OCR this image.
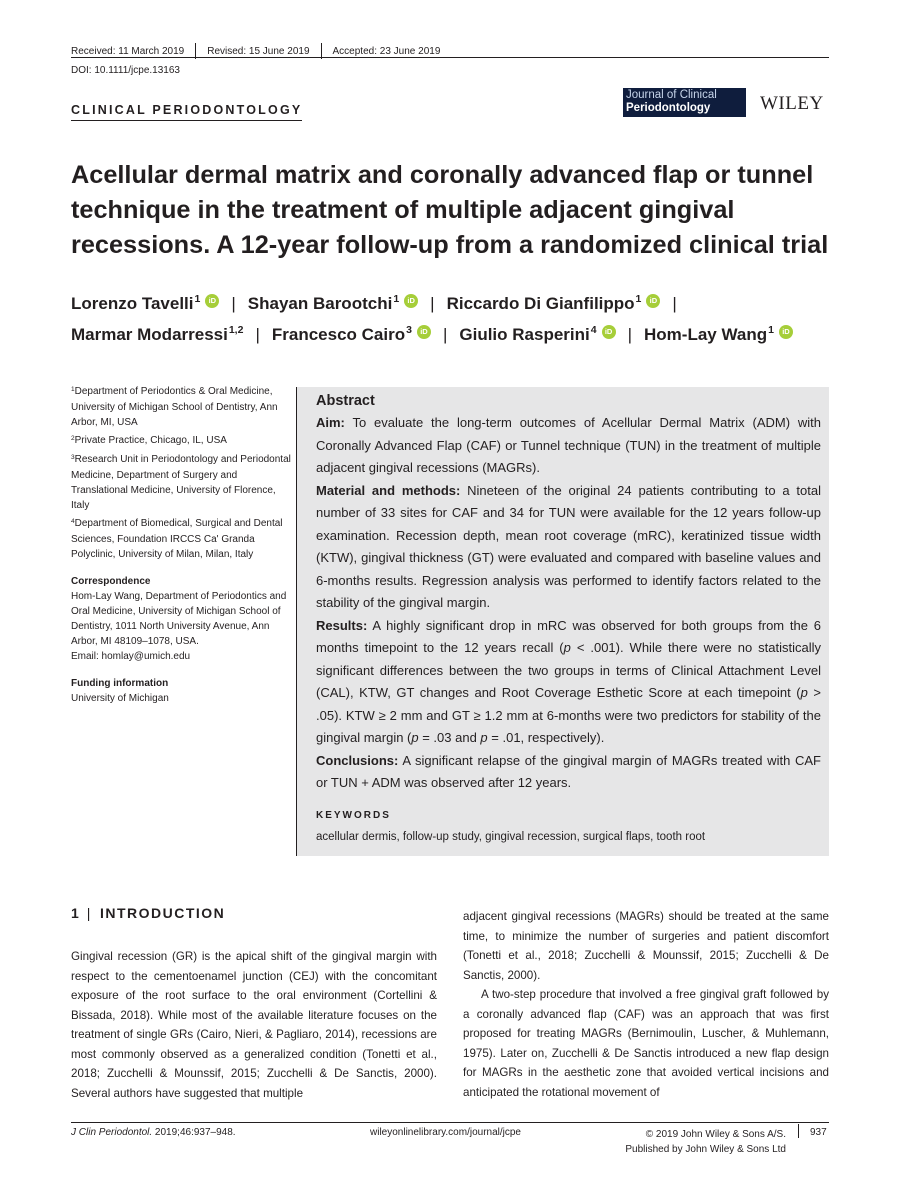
Received: 11 March 2019 Revised: 15 June 2019 Accepted: 23 June 2019
DOI: 10.1111/jcpe.13163
CLINICAL PERIODONTOLOGY
Journal of Clinical
Periodontology	WILEY
Acellular dermal matrix and coronally advanced flap or tunnel technique in the treatment of multiple adjacent gingival recessions. A 12-year follow-up from a randomized clinical trial
Lorenzo Tavelli$^1$	iD | Shayan Barootchi$^1$	iD | Riccardo Di Gianfilippo$^1$	iD |
Marmar Modarressi$^{1,2}$ | Francesco Cairo$^3$	iD | Giulio Rasperini$^4$	iD | Hom-Lay Wang$^1$	iD
$^1$Department of Periodontics & Oral Medicine, University of Michigan School of Dentistry, Ann Arbor, MI, USA
$^2$Private Practice, Chicago, IL, USA
$^3$Research Unit in Periodontology and Periodontal Medicine, Department of Surgery and Translational Medicine, University of Florence, Italy
$^4$Department of Biomedical, Surgical and Dental Sciences, Foundation IRCCS Ca' Granda Polyclinic, University of Milan, Milan, Italy
Correspondence
Hom-Lay Wang, Department of Periodontics and Oral Medicine, University of Michigan School of Dentistry, 1011 North University Avenue, Ann Arbor, MI 48109–1078, USA.
Email: homlay@umich.edu
Funding information
University of Michigan
Abstract

Aim: To evaluate the long-term outcomes of Acellular Dermal Matrix (ADM) with Coronally Advanced Flap (CAF) or Tunnel technique (TUN) in the treatment of multiple adjacent gingival recessions (MAGRs).

Material and methods: Nineteen of the original 24 patients contributing to a total number of 33 sites for CAF and 34 for TUN were available for the 12 years follow-up examination. Recession depth, mean root coverage (mRC), keratinized tissue width (KTW), gingival thickness (GT) were evaluated and compared with baseline values and 6-months results. Regression analysis was performed to identify factors related to the stability of the gingival margin.

Results: A highly significant drop in mRC was observed for both groups from the 6 months timepoint to the 12 years recall (p < .001). While there were no statistically significant differences between the two groups in terms of Clinical Attachment Level (CAL), KTW, GT changes and Root Coverage Esthetic Score at each timepoint (p > .05). KTW ≥ 2 mm and GT ≥ 1.2 mm at 6-months were two predictors for stability of the gingival margin (p = .03 and p = .01, respectively).

Conclusions: A significant relapse of the gingival margin of MAGRs treated with CAF or TUN + ADM was observed after 12 years.

KEYWORDS
acellular dermis, follow-up study, gingival recession, surgical flaps, tooth root
1 | INTRODUCTION

Gingival recession (GR) is the apical shift of the gingival margin with respect to the cementoenamel junction (CEJ) with the concomitant exposure of the root surface to the oral environment (Cortellini & Bissada, 2018). While most of the available literature focuses on the treatment of single GRs (Cairo, Nieri, & Pagliaro, 2014), recessions are most commonly observed as a generalized condition (Tonetti et al., 2018; Zucchelli & Mounssif, 2015; Zucchelli & De Sanctis, 2000). Several authors have suggested that multiple

adjacent gingival recessions (MAGRs) should be treated at the same time, to minimize the number of surgeries and patient discomfort (Tonetti et al., 2018; Zucchelli & Mounssif, 2015; Zucchelli & De Sanctis, 2000).

A two-step procedure that involved a free gingival graft followed by a coronally advanced flap (CAF) was an approach that was first proposed for treating MAGRs (Bernimoulin, Luscher, & Muhlemann, 1975). Later on, Zucchelli & De Sanctis introduced a new flap design for MAGRs in the aesthetic zone that avoided vertical incisions and anticipated the rotational movement of

J Clin Periodontol. 2019;46:937–948.	wileyonlinelibrary.com/journal/jcpe	© 2019 John Wiley & Sons A/S.
Published by John Wiley & Sons Ltd
937
